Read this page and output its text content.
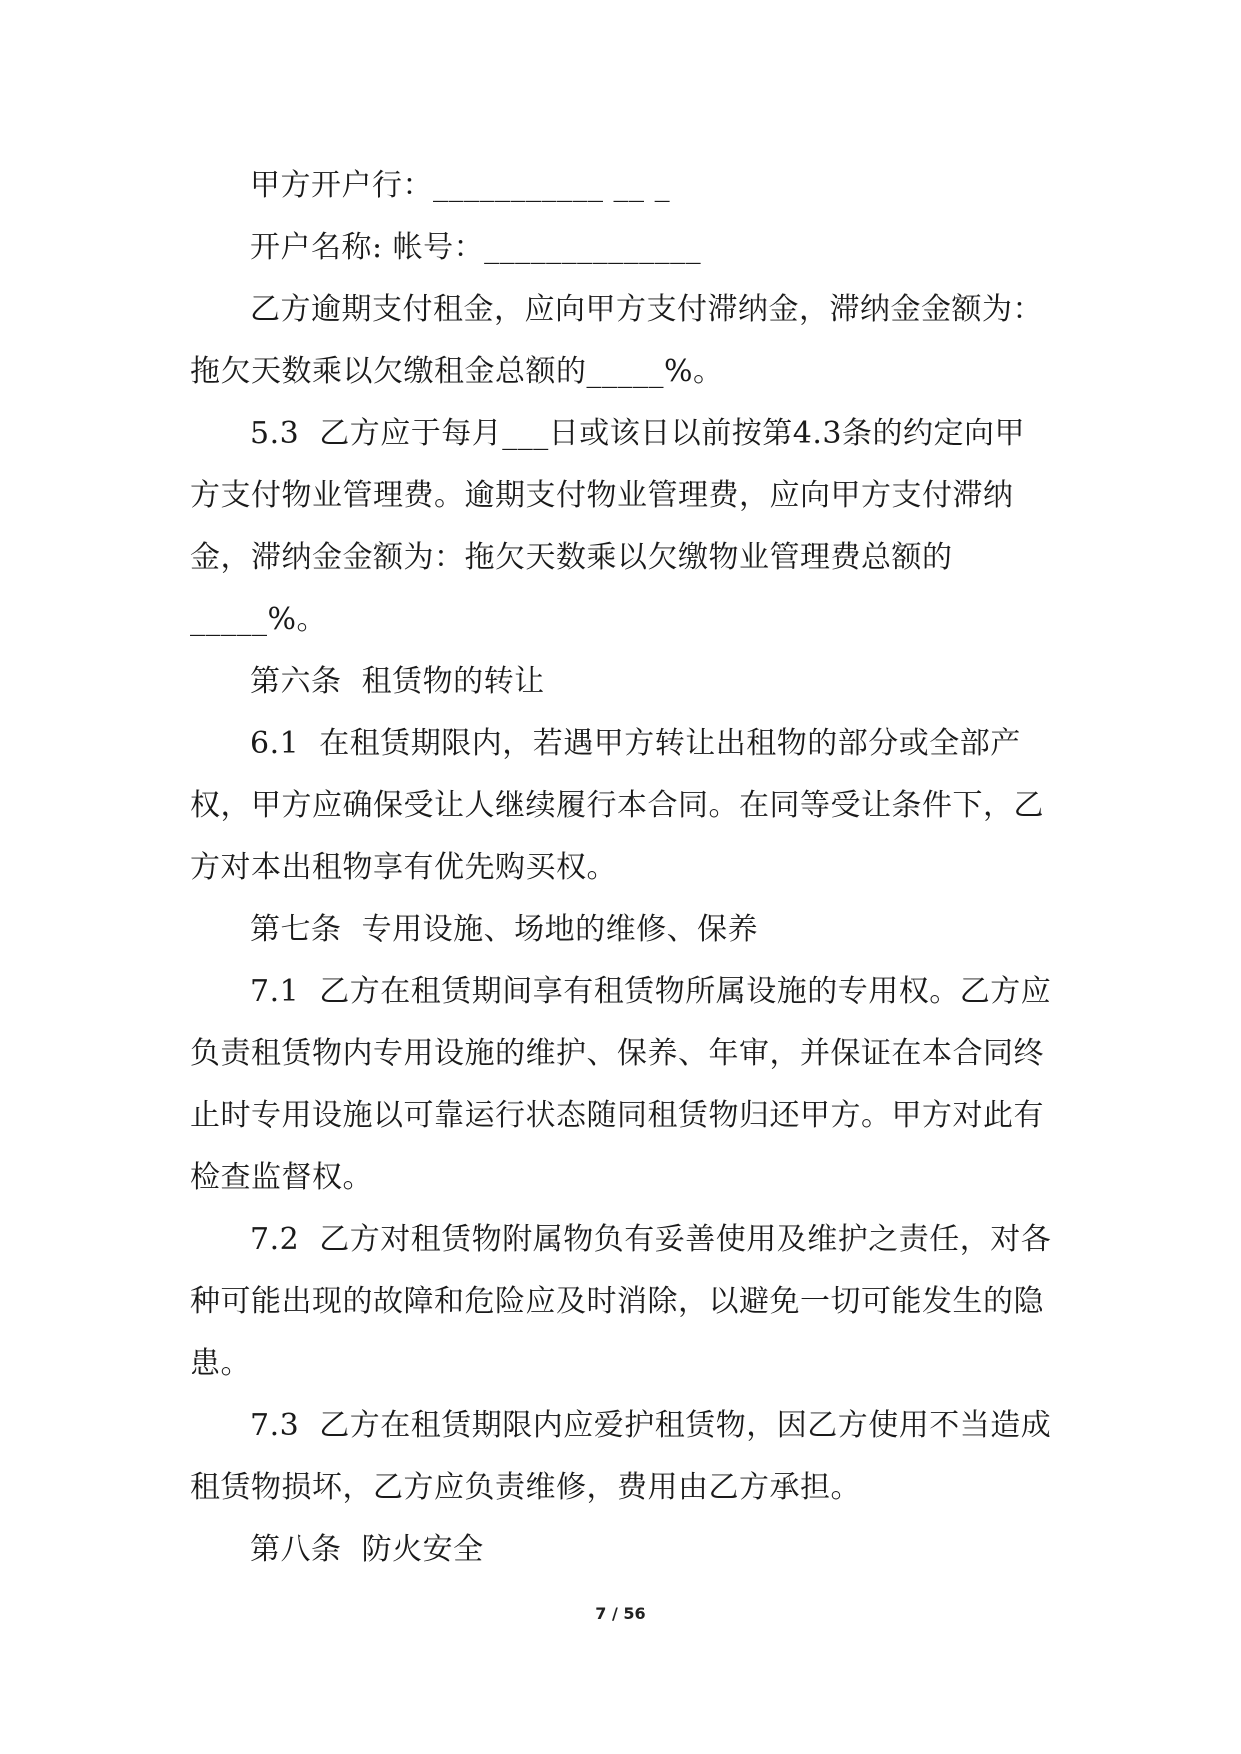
甲方开户行：___________ __ _

开户名称: 帐号：______________

乙方逾期支付租金，应向甲方支付滞纳金，滞纳金金额为：拖欠天数乘以欠缴租金总额的_____%。

5.3  乙方应于每月___日或该日以前按第4.3条的约定向甲方支付物业管理费。逾期支付物业管理费，应向甲方支付滞纳金，滞纳金金额为：拖欠天数乘以欠缴物业管理费总额的_____%。

第六条  租赁物的转让

6.1  在租赁期限内，若遇甲方转让出租物的部分或全部产权，甲方应确保受让人继续履行本合同。在同等受让条件下，乙方对本出租物享有优先购买权。

第七条  专用设施、场地的维修、保养

7.1  乙方在租赁期间享有租赁物所属设施的专用权。乙方应负责租赁物内专用设施的维护、保养、年审，并保证在本合同终止时专用设施以可靠运行状态随同租赁物归还甲方。甲方对此有检查监督权。

7.2  乙方对租赁物附属物负有妥善使用及维护之责任，对各种可能出现的故障和危险应及时消除，以避免一切可能发生的隐患。

7.3  乙方在租赁期限内应爱护租赁物，因乙方使用不当造成租赁物损坏，乙方应负责维修，费用由乙方承担。

第八条  防火安全

7 / 56
